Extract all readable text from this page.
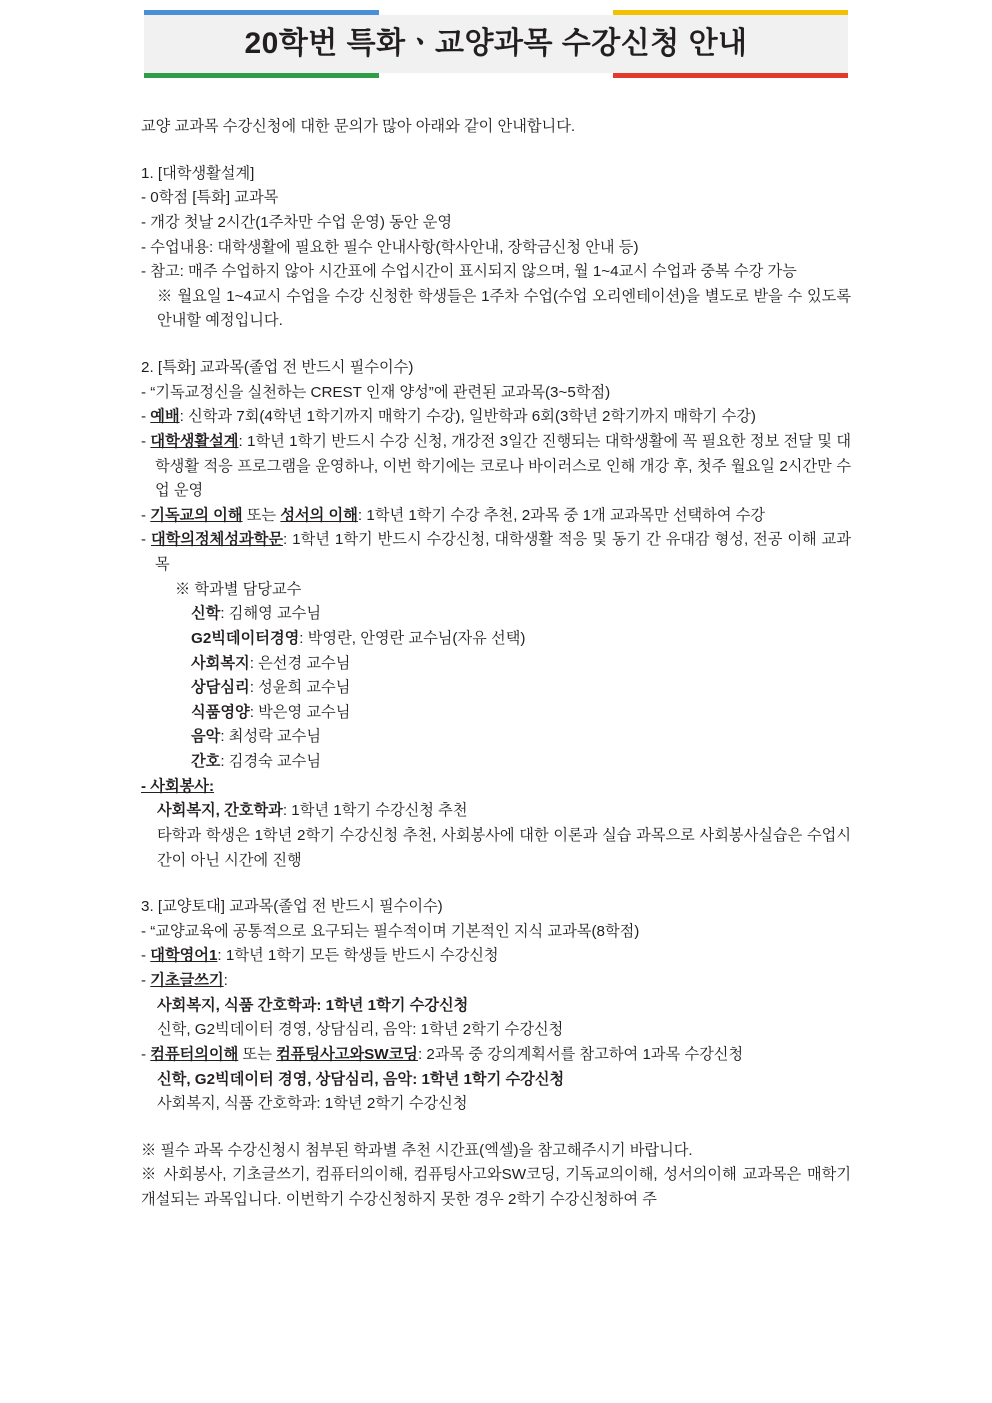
20학번 특화ㆍ교양과목 수강신청 안내

교양 교과목 수강신청에 대한 문의가 많아 아래와 같이 안내합니다.

1. [대학생활설계]

- 0학점 [특화] 교과목

- 개강 첫날 2시간(1주차만 수업 운영) 동안 운영

- 수업내용: 대학생활에 필요한 필수 안내사항(학사안내, 장학금신청 안내 등)

- 참고: 매주 수업하지 않아 시간표에 수업시간이 표시되지 않으며, 월 1~4교시 수업과 중복 수강 가능

※ 월요일 1~4교시 수업을 수강 신청한 학생들은 1주차 수업(수업 오리엔테이션)을 별도로 받을 수 있도록 안내할 예정입니다.

2. [특화] 교과목(졸업 전 반드시 필수이수)

- “기독교정신을 실천하는 CREST 인재 양성”에 관련된 교과목(3~5학점)

- 예배: 신학과 7회(4학년 1학기까지 매학기 수강), 일반학과 6회(3학년 2학기까지 매학기 수강)

- 대학생활설계: 1학년 1학기 반드시 수강 신청, 개강전 3일간 진행되는 대학생활에 꼭 필요한 정보 전달 및 대학생활 적응 프로그램을 운영하나, 이번 학기에는 코로나 바이러스로 인해 개강 후, 첫주 월요일 2시간만 수업 운영

- 기독교의 이해 또는 성서의 이해: 1학년 1학기 수강 추천, 2과목 중 1개 교과목만 선택하여 수강

- 대학의정체성과학문: 1학년 1학기 반드시 수강신청, 대학생활 적응 및 동기 간 유대감 형성, 전공 이해 교과목

※ 학과별 담당교수

신학: 김해영 교수님

G2빅데이터경영: 박영란, 안영란 교수님(자유 선택)

사회복지: 은선경 교수님

상담심리: 성윤희 교수님

식품영양: 박은영 교수님

음악: 최성락 교수님

간호: 김경숙 교수님

- 사회봉사:

사회복지, 간호학과: 1학년 1학기 수강신청 추천

타학과 학생은 1학년 2학기 수강신청 추천, 사회봉사에 대한 이론과 실습 과목으로 사회봉사실습은 수업시간이 아닌 시간에 진행

3. [교양토대] 교과목(졸업 전 반드시 필수이수)

- “교양교육에 공통적으로 요구되는 필수적이며 기본적인 지식 교과목(8학점)

- 대학영어1: 1학년 1학기 모든 학생들 반드시 수강신청

- 기초글쓰기:

사회복지, 식품 간호학과: 1학년 1학기 수강신청

신학, G2빅데이터 경영, 상담심리, 음악: 1학년 2학기 수강신청

- 컴퓨터의이해 또는 컴퓨팅사고와SW코딩: 2과목 중 강의계획서를 참고하여 1과목 수강신청

신학, G2빅데이터 경영, 상담심리, 음악: 1학년 1학기 수강신청

사회복지, 식품 간호학과: 1학년 2학기 수강신청

※ 필수 과목 수강신청시 첨부된 학과별 추천 시간표(엑셀)을 참고해주시기 바랍니다.

※ 사회봉사, 기초글쓰기, 컴퓨터의이해, 컴퓨팅사고와SW코딩, 기독교의이해, 성서의이해 교과목은 매학기 개설되는 과목입니다. 이번학기 수강신청하지 못한 경우 2학기 수강신청하여 주
